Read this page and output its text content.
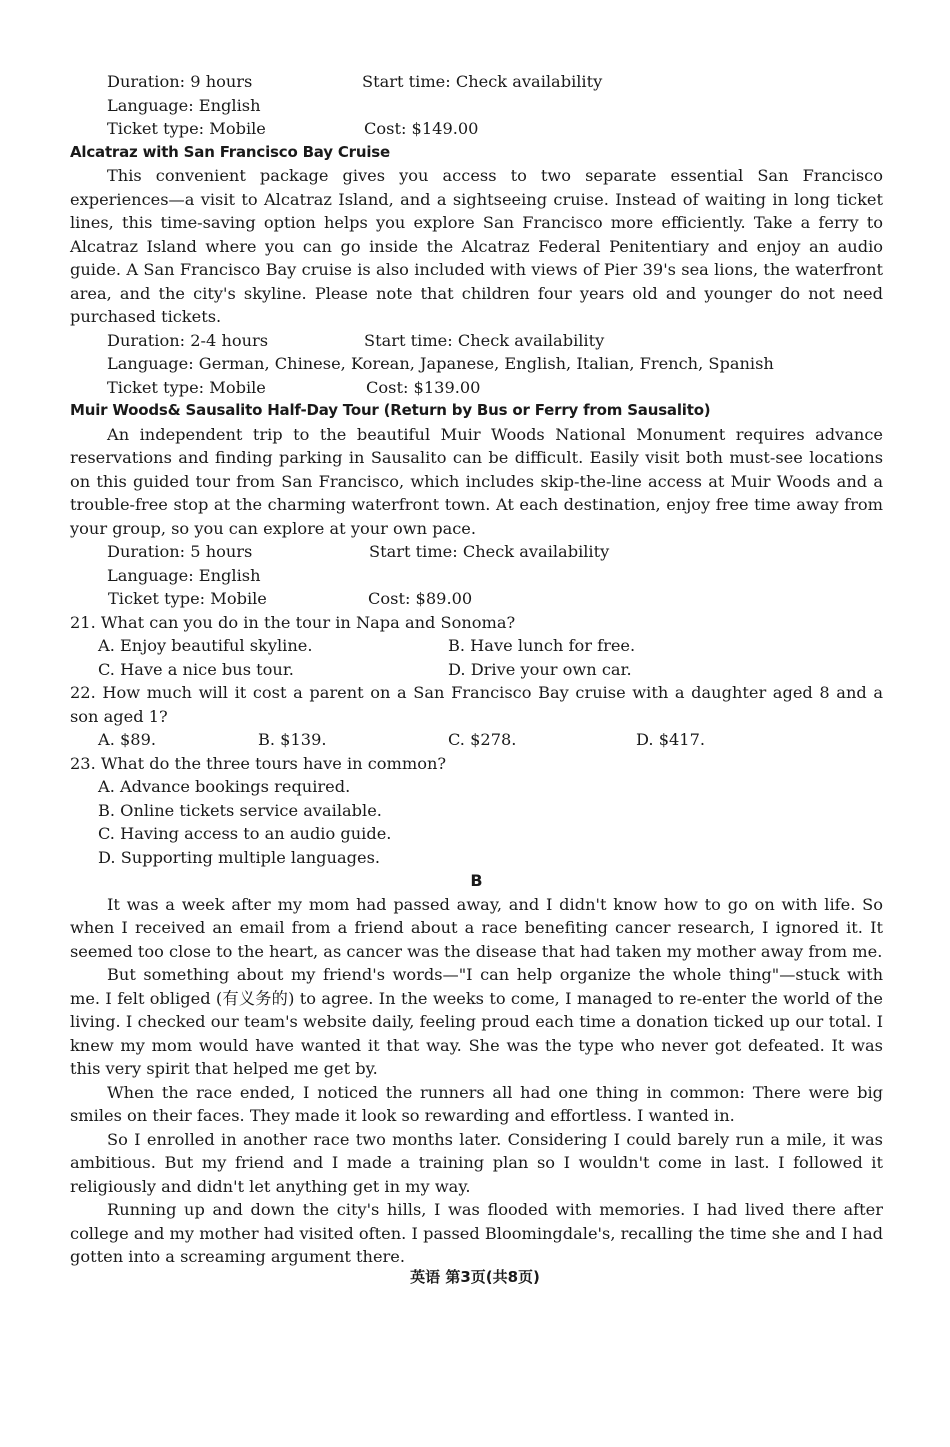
Duration: 9 hours	Start time: Check availability
Language: English
Ticket type: Mobile	Cost: $149.00
Alcatraz with San Francisco Bay Cruise

This convenient package gives you access to two separate essential San Francisco experiences—a visit to Alcatraz Island, and a sightseeing cruise. Instead of waiting in long ticket lines, this time-saving option helps you explore San Francisco more efficiently. Take a ferry to Alcatraz Island where you can go inside the Alcatraz Federal Penitentiary and enjoy an audio guide. A San Francisco Bay cruise is also included with views of Pier 39's sea lions, the waterfront area, and the city's skyline. Please note that children four years old and younger do not need purchased tickets.

Duration: 2-4 hours	Start time: Check availability
Language: German, Chinese, Korean, Japanese, English, Italian, French, Spanish
Ticket type: Mobile	Cost: $139.00
Muir Woods& Sausalito Half-Day Tour (Return by Bus or Ferry from Sausalito)

An independent trip to the beautiful Muir Woods National Monument requires advance reservations and finding parking in Sausalito can be difficult. Easily visit both must-see locations on this guided tour from San Francisco, which includes skip-the-line access at Muir Woods and a trouble-free stop at the charming waterfront town. At each destination, enjoy free time away from your group, so you can explore at your own pace.

Duration: 5 hours	Start time: Check availability
Language: English
Ticket type: Mobile	Cost: $89.00
21. What can you do in the tour in Napa and Sonoma?
A. Enjoy beautiful skyline.	B. Have lunch for free.
C. Have a nice bus tour.	D. Drive your own car.

22. How much will it cost a parent on a San Francisco Bay cruise with a daughter aged 8 and a son aged 1?

A. $89.	B. $139.	C. $278.	D. $417.
23. What do the three tours have in common?
A. Advance bookings required.
B. Online tickets service available.
C. Having access to an audio guide.
D. Supporting multiple languages.
B

It was a week after my mom had passed away, and I didn't know how to go on with life. So when I received an email from a friend about a race benefiting cancer research, I ignored it. It seemed too close to the heart, as cancer was the disease that had taken my mother away from me.

But something about my friend's words—"I can help organize the whole thing"—stuck with me. I felt obliged (有义务的) to agree. In the weeks to come, I managed to re-enter the world of the living. I checked our team's website daily, feeling proud each time a donation ticked up our total. I knew my mom would have wanted it that way. She was the type who never got defeated. It was this very spirit that helped me get by.

When the race ended, I noticed the runners all had one thing in common: There were big smiles on their faces. They made it look so rewarding and effortless. I wanted in.

So I enrolled in another race two months later. Considering I could barely run a mile, it was ambitious. But my friend and I made a training plan so I wouldn't come in last. I followed it religiously and didn't let anything get in my way.

Running up and down the city's hills, I was flooded with memories. I had lived there after college and my mother had visited often. I passed Bloomingdale's, recalling the time she and I had gotten into a screaming argument there.

英语 第3页(共8页)
